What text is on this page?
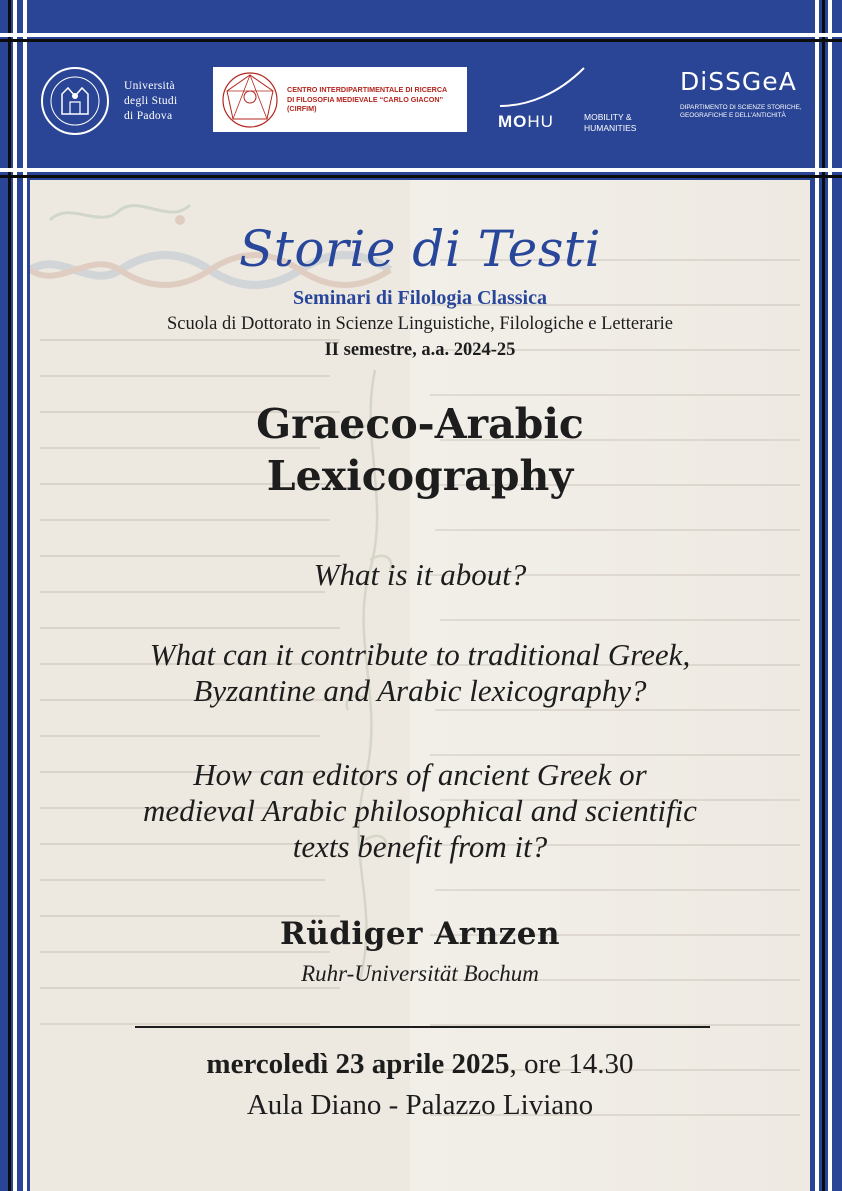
Università
degli Studi
di Padova
CENTRO INTERDIPARTIMENTALE DI RICERCA
DI FILOSOFIA MEDIEVALE “CARLO GIACON”
(CIRFIM)
MOHU	MOBILITY &
HUMANITIES
DiSSGeA
DIPARTIMENTO DI SCIENZE STORICHE,
GEOGRAFICHE E DELL’ANTICHITÀ
Storie di Testi
Seminari di Filologia Classica
Scuola di Dottorato in Scienze Linguistiche, Filologiche e Letterarie
II semestre, a.a. 2024-25
Graeco-Arabic
Lexicography
What is it about?
What can it contribute to traditional Greek,
Byzantine and Arabic lexicography?
How can editors of ancient Greek or
medieval Arabic philosophical and scientific
texts benefit from it?
Rüdiger Arnzen
Ruhr-Universität Bochum
mercoledì 23 aprile 2025, ore 14.30
Aula Diano - Palazzo Liviano
